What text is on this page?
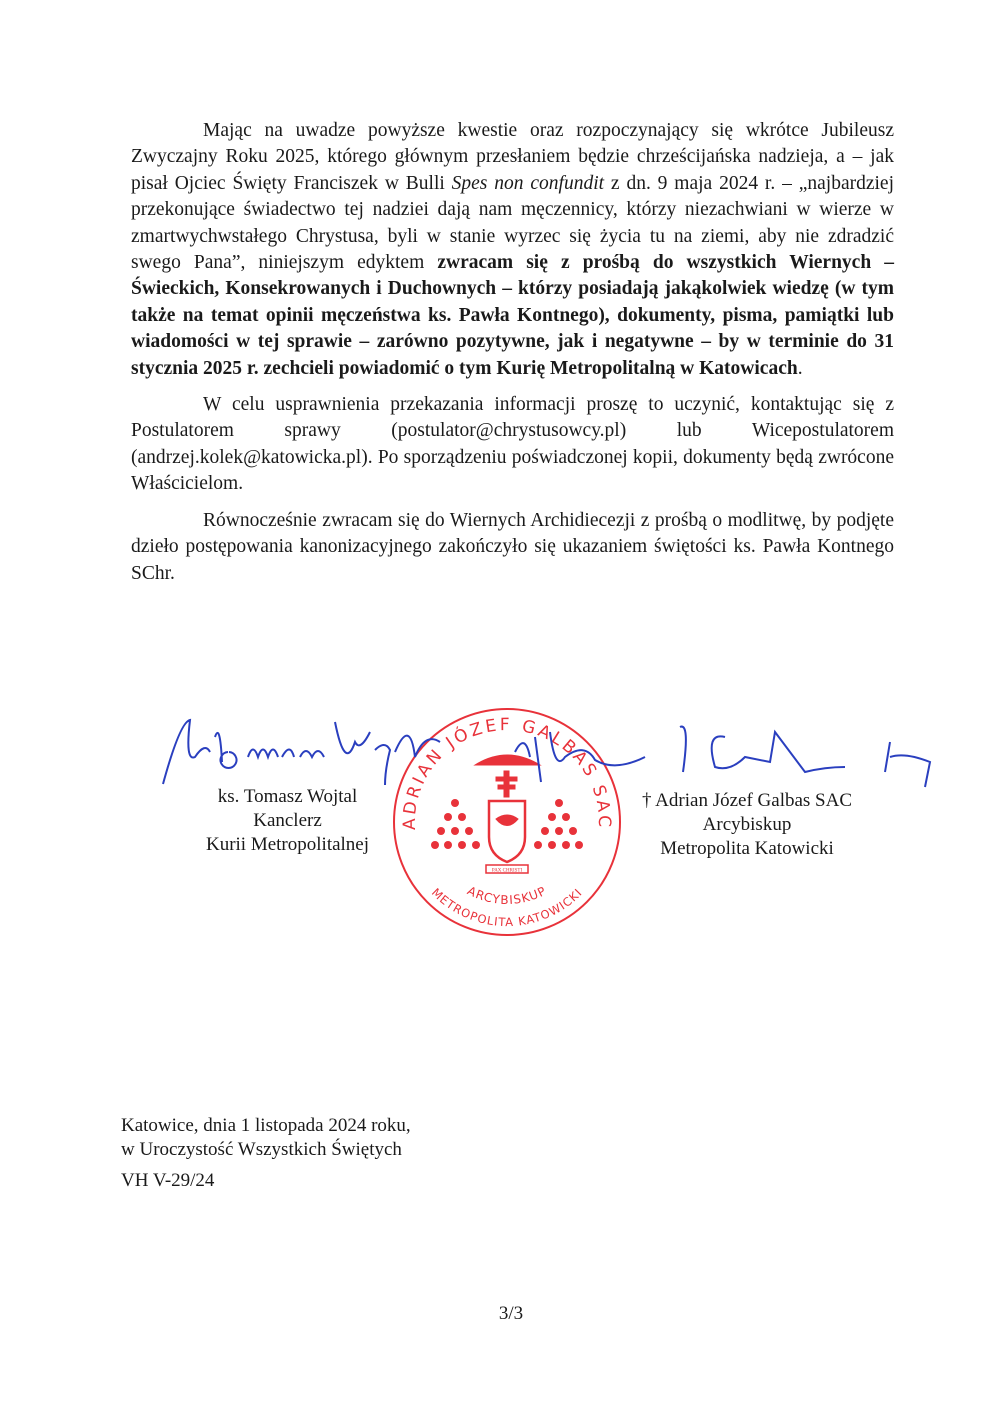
Mając na uwadze powyższe kwestie oraz rozpoczynający się wkrótce Jubileusz Zwyczajny Roku 2025, którego głównym przesłaniem będzie chrześcijańska nadzieja, a – jak pisał Ojciec Święty Franciszek w Bulli Spes non confundit z dn. 9 maja 2024 r. – „najbardziej przekonujące świadectwo tej nadziei dają nam męczennicy, którzy niezachwiani w wierze w zmartwychwstałego Chrystusa, byli w stanie wyrzec się życia tu na ziemi, aby nie zdradzić swego Pana”, niniejszym edyktem zwracam się z prośbą do wszystkich Wiernych – Świeckich, Konsekrowanych i Duchownych – którzy posiadają jakąkolwiek wiedzę (w tym także na temat opinii męczeństwa ks. Pawła Kontnego), dokumenty, pisma, pamiątki lub wiadomości w tej sprawie – zarówno pozytywne, jak i negatywne – by w terminie do 31 stycznia 2025 r. zechcieli powiadomić o tym Kurię Metropolitalną w Katowicach.

W celu usprawnienia przekazania informacji proszę to uczynić, kontaktując się z Postulatorem sprawy (postulator@chrystusowcy.pl) lub Wicepostulatorem (andrzej.kolek@katowicka.pl). Po sporządzeniu poświadczonej kopii, dokumenty będą zwrócone Właścicielom.

Równocześnie zwracam się do Wiernych Archidiecezji z prośbą o modlitwę, by podjęte dzieło postępowania kanonizacyjnego zakończyło się ukazaniem świętości ks. Pawła Kontnego SChr.

ADRIAN JÓZEF GALBAS SAC
ARCYBISKUP
METROPOLITA KATOWICKI
PAX CHRISTI
ks. Tomasz Wojtal
Kanclerz
Kurii Metropolitalnej
† Adrian Józef Galbas SAC
Arcybiskup
Metropolita Katowicki
Katowice, dnia 1 listopada 2024 roku,
w Uroczystość Wszystkich Świętych
VH V-29/24
3/3
